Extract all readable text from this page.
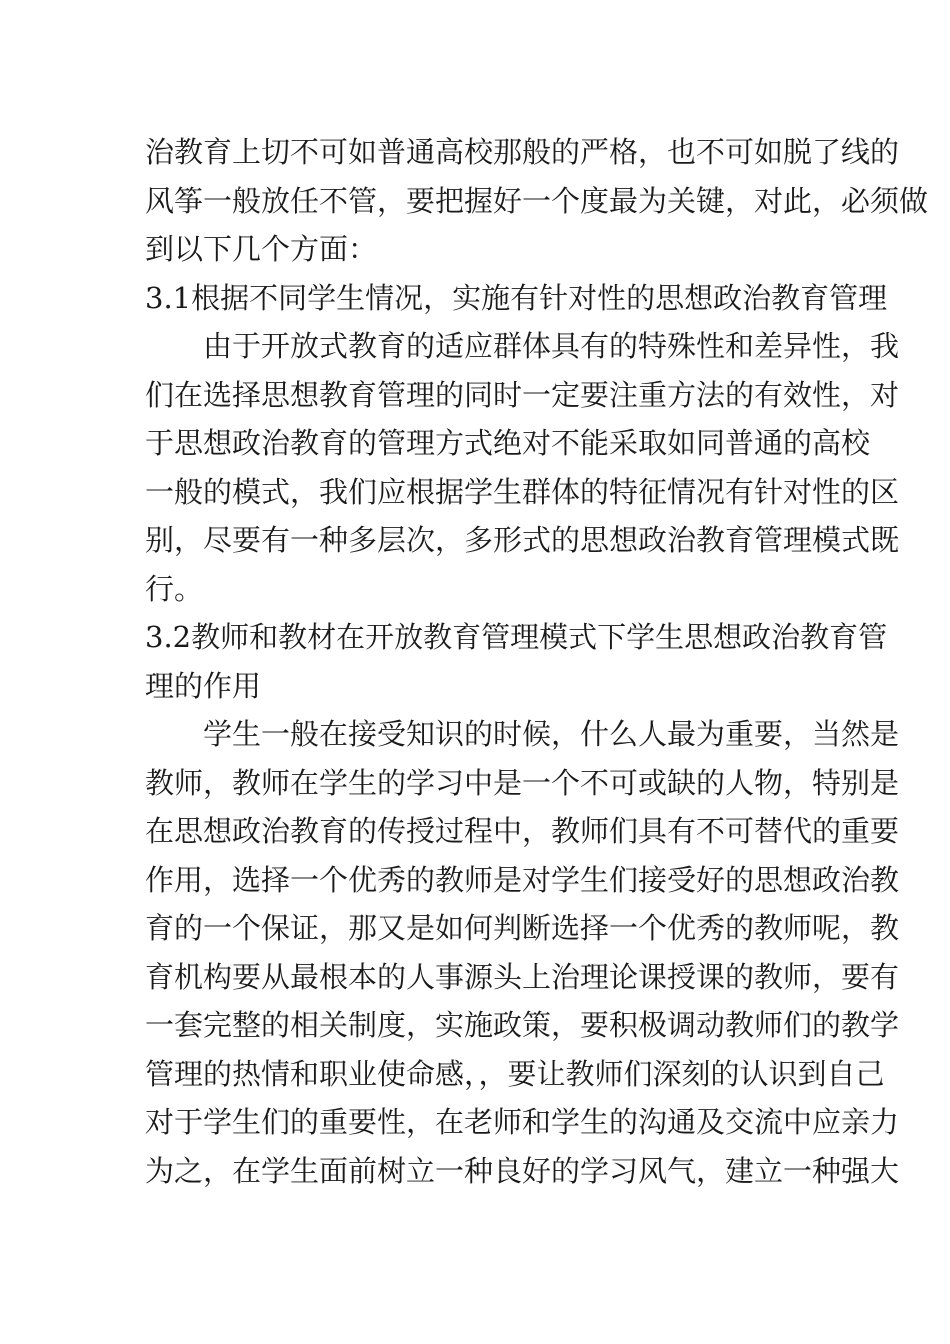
治教育上切不可如普通高校那般的严格，也不可如脱了线的
风筝一般放任不管，要把握好一个度最为关键，对此，必须做
到以下几个方面：
3.1根据不同学生情况，实施有针对性的思想政治教育管理
由于开放式教育的适应群体具有的特殊性和差异性，我
们在选择思想教育管理的同时一定要注重方法的有效性，对
于思想政治教育的管理方式绝对不能采取如同普通的高校
一般的模式，我们应根据学生群体的特征情况有针对性的区
别，尽要有一种多层次，多形式的思想政治教育管理模式既
行。
3.2教师和教材在开放教育管理模式下学生思想政治教育管
理的作用
学生一般在接受知识的时候，什么人最为重要，当然是
教师，教师在学生的学习中是一个不可或缺的人物，特别是
在思想政治教育的传授过程中，教师们具有不可替代的重要
作用，选择一个优秀的教师是对学生们接受好的思想政治教
育的一个保证，那又是如何判断选择一个优秀的教师呢，教
育机构要从最根本的人事源头上治理论课授课的教师，要有
一套完整的相关制度，实施政策，要积极调动教师们的教学
管理的热情和职业使命感，，要让教师们深刻的认识到自己
对于学生们的重要性，在老师和学生的沟通及交流中应亲力
为之，在学生面前树立一种良好的学习风气，建立一种强大
